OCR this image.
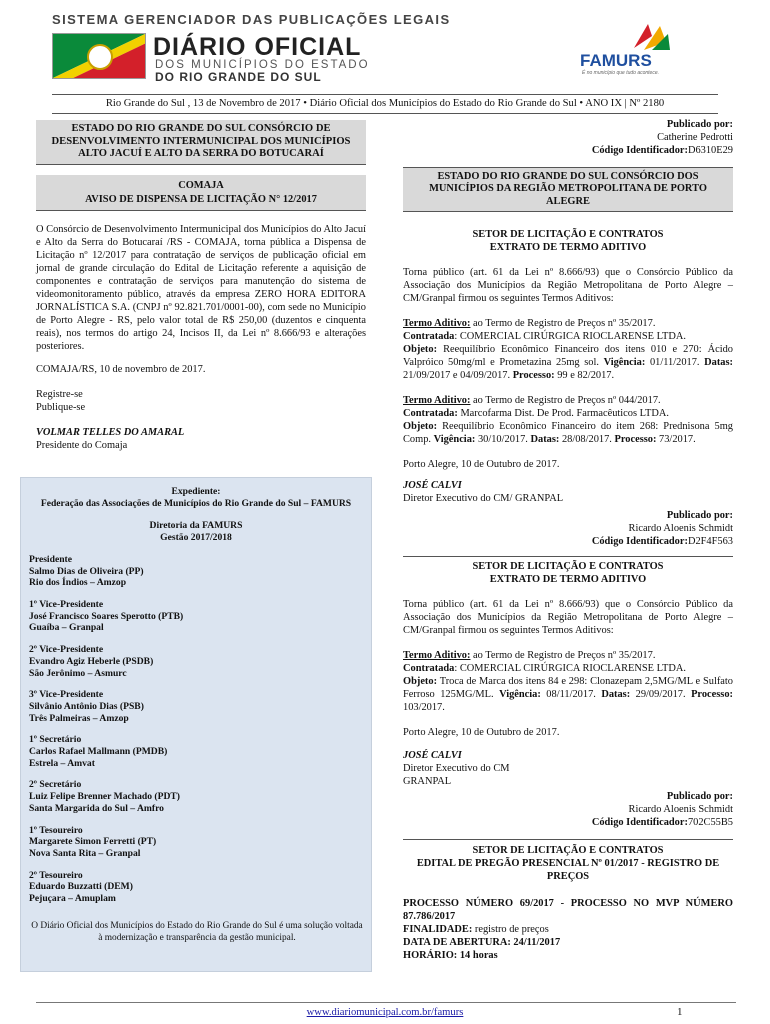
SISTEMA GERENCIADOR DAS PUBLICAÇÕES LEGAIS
DIÁRIO OFICIAL
DOS MUNICÍPIOS DO ESTADO
DO RIO GRANDE DO SUL
FAMURS
É no município que tudo acontece.
Rio Grande do Sul , 13 de Novembro de 2017 • Diário Oficial dos Municípios do Estado do Rio Grande do Sul • ANO IX | Nº 2180
ESTADO DO RIO GRANDE DO SUL CONSÓRCIO DE DESENVOLVIMENTO INTERMUNICIPAL DOS MUNICÍPIOS ALTO JACUÍ E ALTO DA SERRA DO BOTUCARAÍ
COMAJA
AVISO DE DISPENSA DE LICITAÇÃO N° 12/2017

O Consórcio de Desenvolvimento Intermunicipal dos Municípios do Alto Jacuí e Alto da Serra do Botucaraí /RS - COMAJA, torna pública a Dispensa de Licitação nº 12/2017 para contratação de serviços de publicação oficial em jornal de grande circulação do Edital de Licitação referente a aquisição de componentes e contratação de serviços para manutenção do sistema de videomonitoramento público, através da empresa ZERO HORA EDITORA JORNALÍSTICA S.A. (CNPJ nº 92.821.701/0001-00), com sede no Município de Porto Alegre - RS, pelo valor total de R$ 250,00 (duzentos e cinquenta reais), nos termos do artigo 24, Incisos II, da Lei nº 8.666/93 e alterações posteriores.

COMAJA/RS, 10 de novembro de 2017.

Registre-se

Publique-se

VOLMAR TELLES DO AMARAL

Presidente do Comaja

Expediente:
Federação das Associações de Municípios do Rio Grande do Sul – FAMURS
Diretoria da FAMURS
Gestão 2017/2018
Presidente
Salmo Dias de Oliveira (PP)
Rio dos Índios – Amzop
1º Vice-Presidente
José Francisco Soares Sperotto (PTB)
Guaíba – Granpal
2º Vice-Presidente
Evandro Agiz Heberle (PSDB)
São Jerônimo – Asmurc
3º Vice-Presidente
Silvânio Antônio Dias (PSB)
Três Palmeiras – Amzop
1º Secretário
Carlos Rafael Mallmann (PMDB)
Estrela – Amvat
2º Secretário
Luiz Felipe Brenner Machado (PDT)
Santa Margarida do Sul – Amfro
1º Tesoureiro
Margarete Simon Ferretti (PT)
Nova Santa Rita – Granpal
2º Tesoureiro
Eduardo Buzzatti (DEM)
Pejuçara – Amuplam
O Diário Oficial dos Municípios do Estado do Rio Grande do Sul é uma solução voltada à modernização e transparência da gestão municipal.
Publicado por:
Catherine Pedrotti
Código Identificador:D6310E29
ESTADO DO RIO GRANDE DO SUL CONSÓRCIO DOS MUNICÍPIOS DA REGIÃO METROPOLITANA DE PORTO ALEGRE
SETOR DE LICITAÇÃO E CONTRATOS
EXTRATO DE TERMO ADITIVO

Torna público (art. 61 da Lei nº 8.666/93) que o Consórcio Público da Associação dos Municípios da Região Metropolitana de Porto Alegre – CM/Granpal firmou os seguintes Termos Aditivos:

Termo Aditivo: ao Termo de Registro de Preços nº 35/2017.
Contratada: COMERCIAL CIRÚRGICA RIOCLARENSE LTDA.
Objeto: Reequilíbrio Econômico Financeiro dos itens 010 e 270: Ácido Valpróico 50mg/ml e Prometazina 25mg sol. Vigência: 01/11/2017. Datas: 21/09/2017 e 04/09/2017. Processo: 99 e 82/2017.

Termo Aditivo: ao Termo de Registro de Preços nº 044/2017.
Contratada: Marcofarma Dist. De Prod. Farmacêuticos LTDA.
Objeto: Reequilíbrio Econômico Financeiro do item 268: Prednisona 5mg Comp. Vigência: 30/10/2017. Datas: 28/08/2017. Processo: 73/2017.

Porto Alegre, 10 de Outubro de 2017.

JOSÉ CALVI

Diretor Executivo do CM/ GRANPAL

Publicado por:
Ricardo Aloenis Schmidt
Código Identificador:D2F4F563
SETOR DE LICITAÇÃO E CONTRATOS
EXTRATO DE TERMO ADITIVO

Torna público (art. 61 da Lei nº 8.666/93) que o Consórcio Público da Associação dos Municípios da Região Metropolitana de Porto Alegre – CM/Granpal firmou os seguintes Termos Aditivos:

Termo Aditivo: ao Termo de Registro de Preços nº 35/2017.
Contratada: COMERCIAL CIRÚRGICA RIOCLARENSE LTDA.
Objeto: Troca de Marca dos itens 84 e 298: Clonazepam 2,5MG/ML e Sulfato Ferroso 125MG/ML. Vigência: 08/11/2017. Datas: 29/09/2017. Processo: 103/2017.

Porto Alegre, 10 de Outubro de 2017.

JOSÉ CALVI

Diretor Executivo do CM

GRANPAL

Publicado por:
Ricardo Aloenis Schmidt
Código Identificador:702C55B5
SETOR DE LICITAÇÃO E CONTRATOS
EDITAL DE PREGÃO PRESENCIAL Nº 01/2017 - REGISTRO DE PREÇOS

PROCESSO NÚMERO 69/2017 - PROCESSO NO MVP NÚMERO 87.786/2017

FINALIDADE: registro de preços

DATA DE ABERTURA: 24/11/2017

HORÁRIO: 14 horas

www.diariomunicipal.com.br/famurs	1
